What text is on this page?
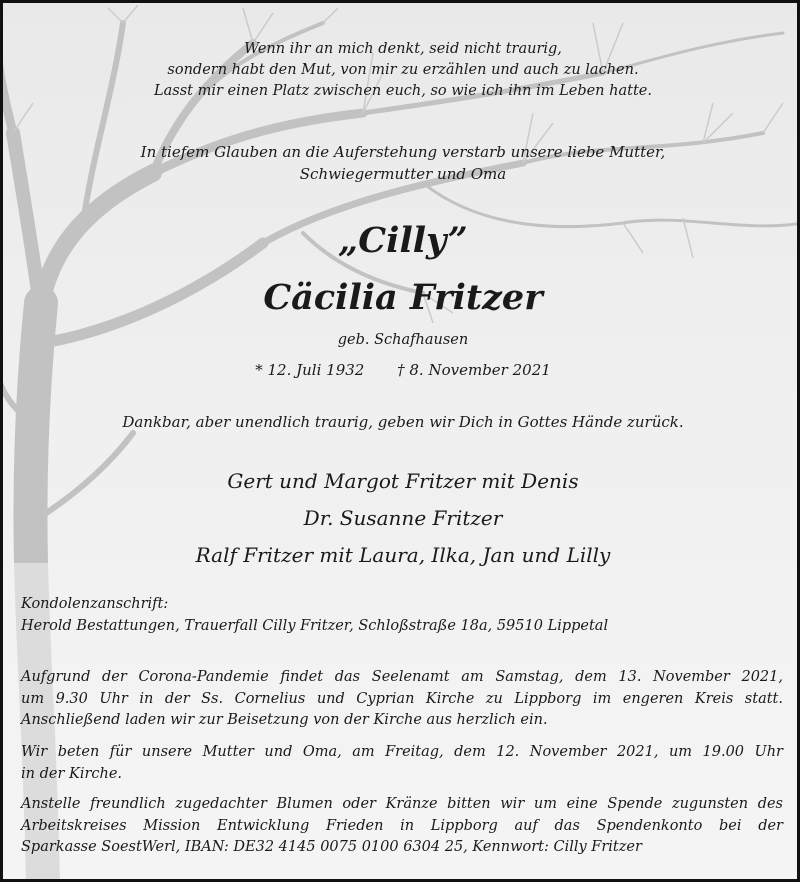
Wenn ihr an mich denkt, seid nicht traurig,
sondern habt den Mut, von mir zu erzählen und auch zu lachen.
Lasst mir einen Platz zwischen euch, so wie ich ihn im Leben hatte.
In tiefem Glauben an die Auferstehung verstarb unsere liebe Mutter,
Schwiegermutter und Oma
„Cilly”
Cäcilia Fritzer
geb. Schafhausen
* 12. Juli 1932 † 8. November 2021
Dankbar, aber unendlich traurig, geben wir Dich in Gottes Hände zurück.
Gert und Margot Fritzer mit Denis
Dr. Susanne Fritzer
Ralf Fritzer mit Laura, Ilka, Jan und Lilly
Kondolenzanschrift:
Herold Bestattungen, Trauerfall Cilly Fritzer, Schloßstraße 18a, 59510 Lippetal
Aufgrund der Corona-Pandemie findet das Seelenamt am Samstag, dem 13. November 2021,
um 9.30 Uhr in der Ss. Cornelius und Cyprian Kirche zu Lippborg im engeren Kreis statt.
Anschließend laden wir zur Beisetzung von der Kirche aus herzlich ein.
Wir beten für unsere Mutter und Oma, am Freitag, dem 12. November 2021, um 19.00 Uhr
in der Kirche.
Anstelle freundlich zugedachter Blumen oder Kränze bitten wir um eine Spende zugunsten des
Arbeitskreises Mission Entwicklung Frieden in Lippborg auf das Spendenkonto bei der
Sparkasse SoestWerl, IBAN: DE32 4145 0075 0100 6304 25, Kennwort: Cilly Fritzer
